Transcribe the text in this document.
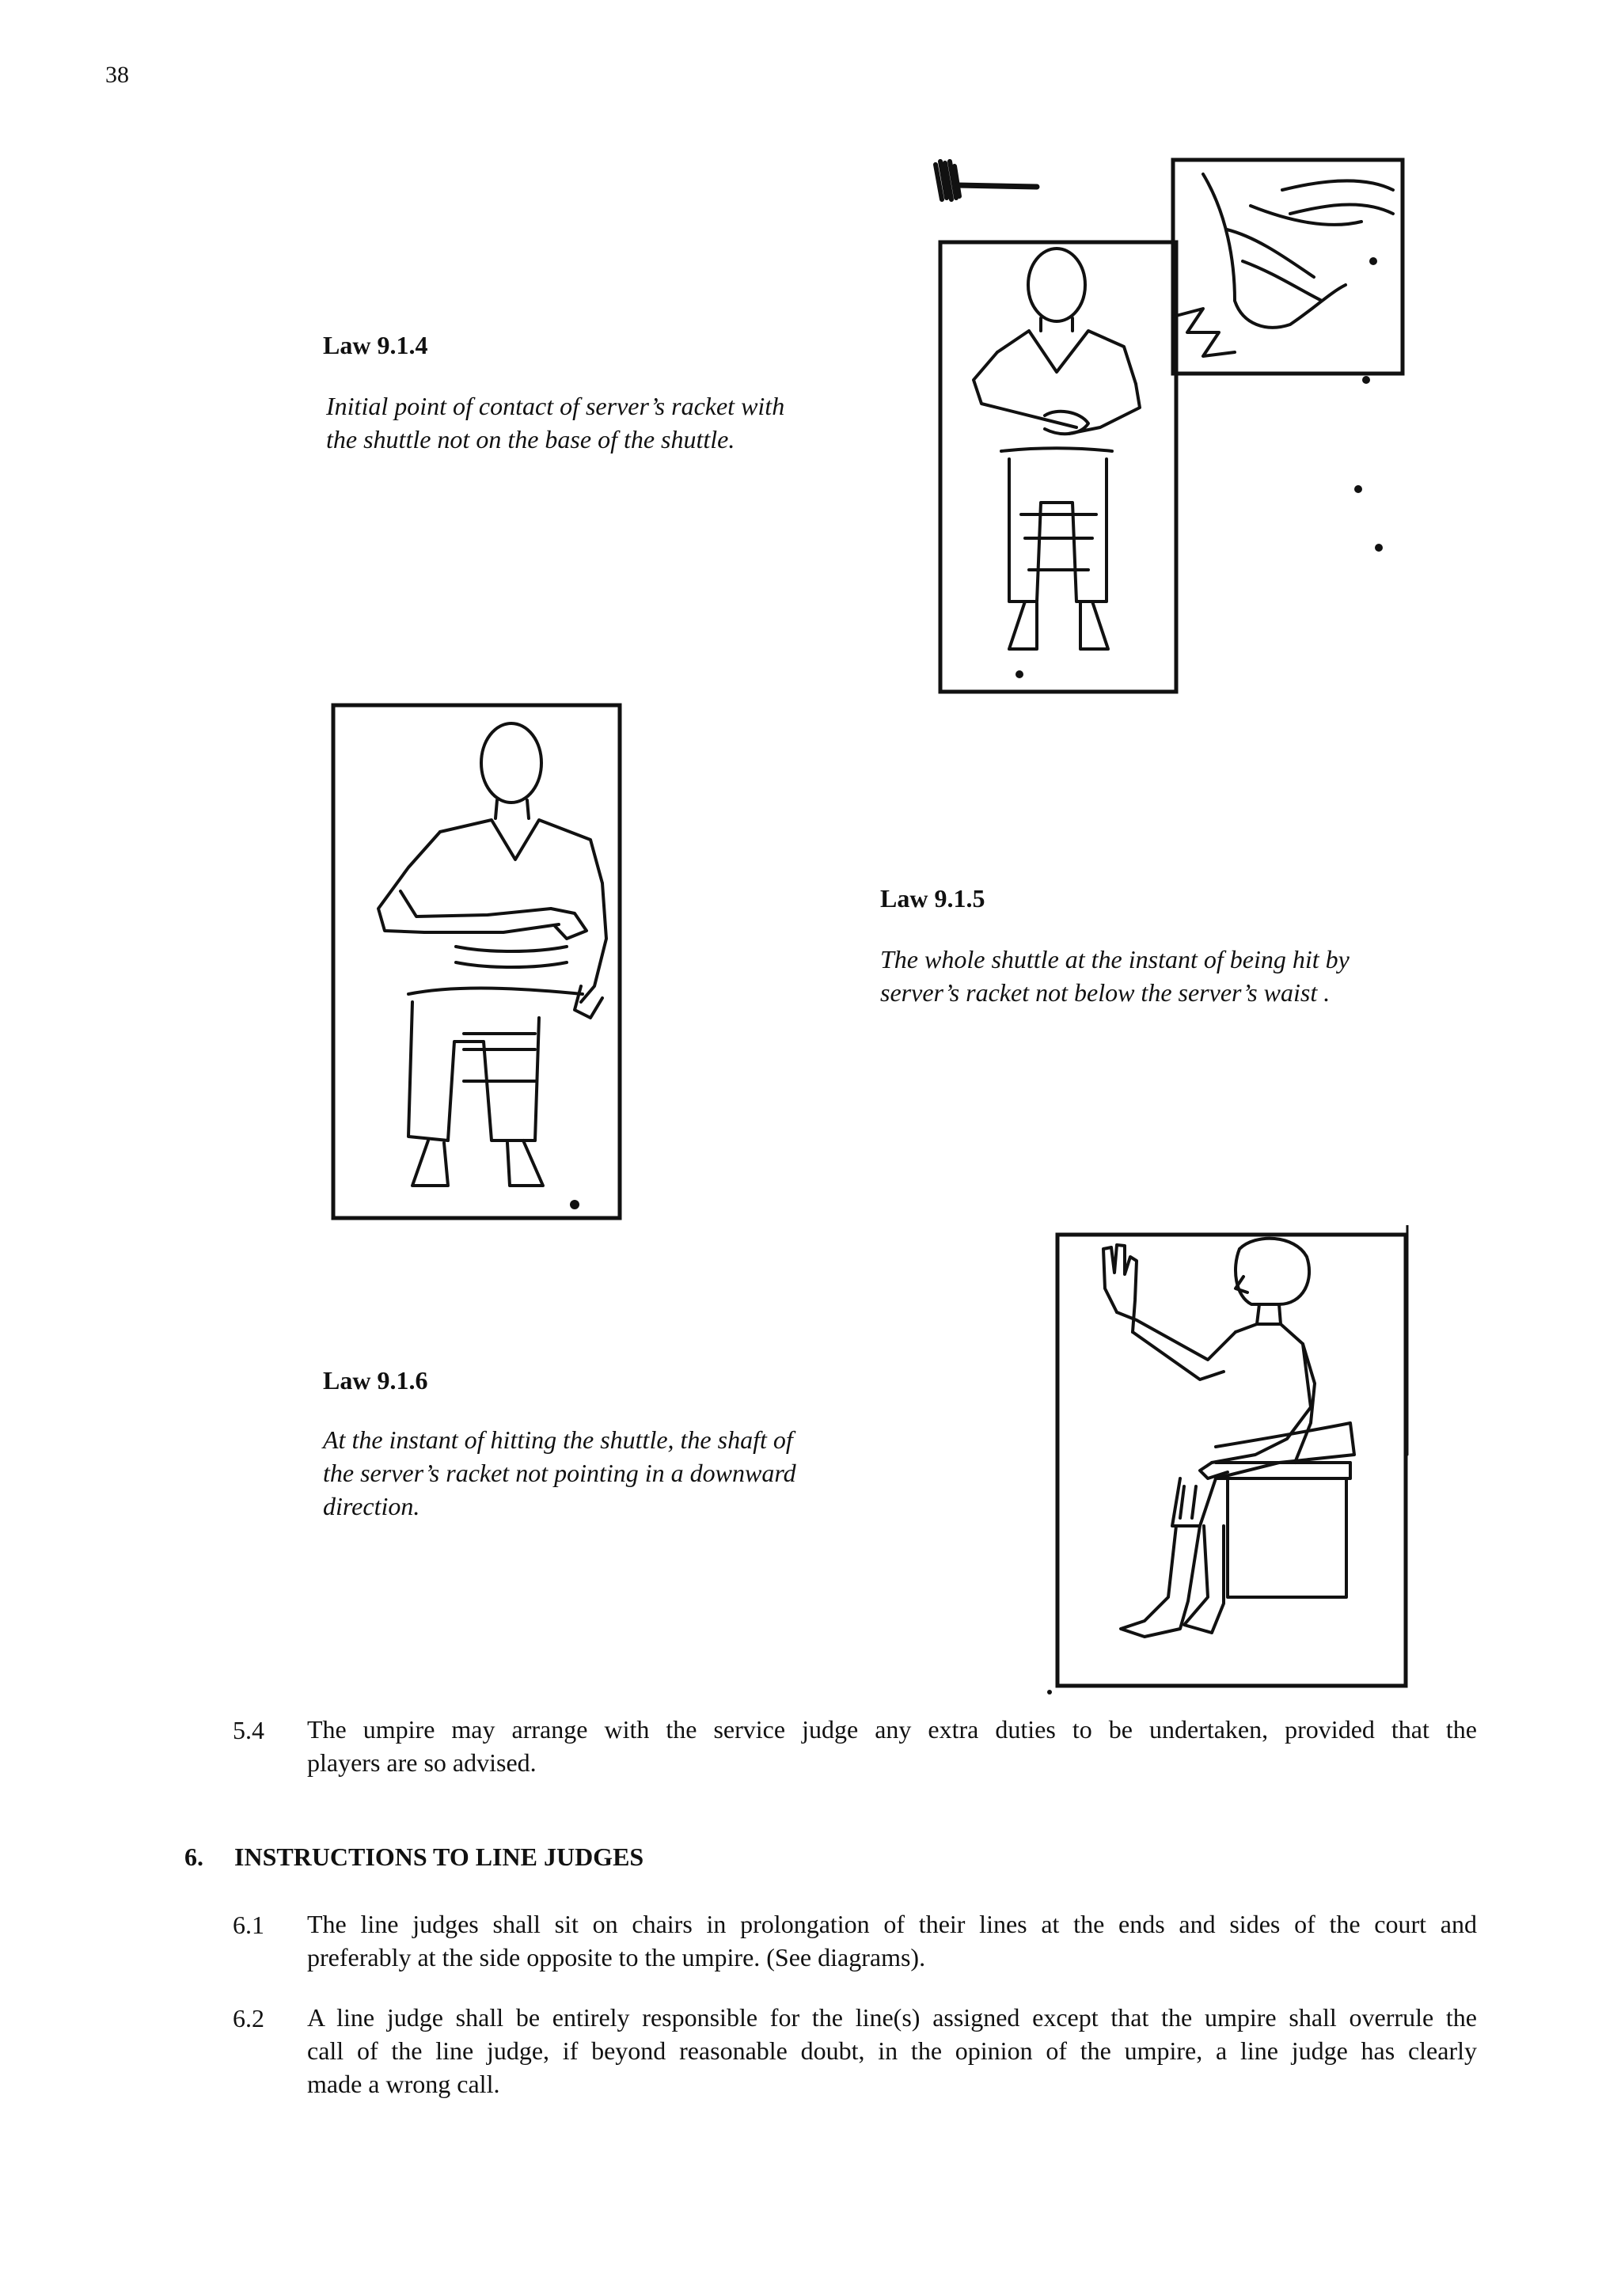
38
Law 9.1.4
Initial point of contact of server’s racket with
the shuttle not on the base of the shuttle.
Law 9.1.5
The whole shuttle at the instant of being hit by
server’s racket not below the server’s waist .
Law 9.1.6
At the instant of hitting the shuttle, the shaft of
the server’s racket not pointing in a downward
direction.
5.4 The umpire may arrange with the service judge any extra duties to be undertaken, provided that the
players are so advised.
6. INSTRUCTIONS TO LINE JUDGES
6.1 The line judges shall sit on chairs in prolongation of their lines at the ends and sides of the court and
preferably at the side opposite to the umpire. (See diagrams).
6.2 A line judge shall be entirely responsible for the line(s) assigned except that the umpire shall overrule the
call of the line judge, if beyond reasonable doubt, in the opinion of the umpire, a line judge has clearly
made a wrong call.
